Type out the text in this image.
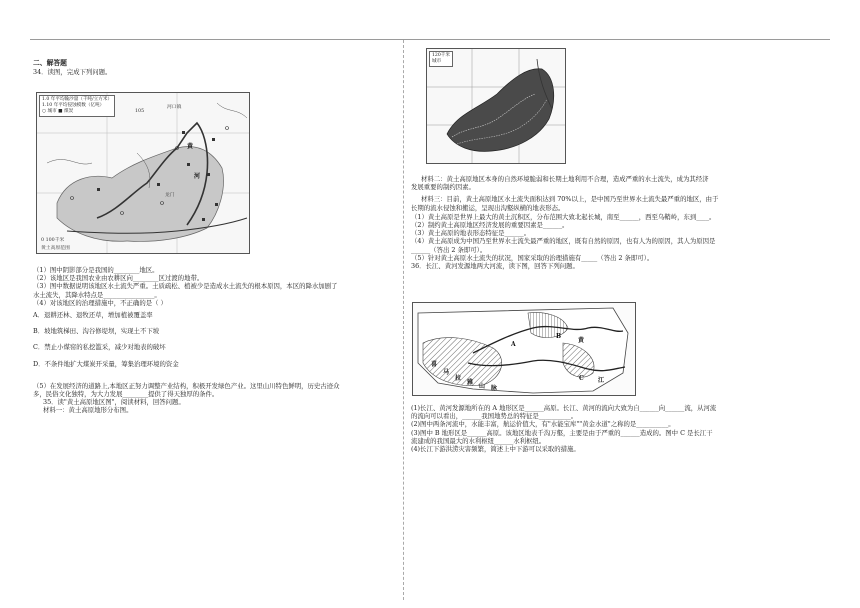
二、解答题

34．读图，完成下列问题。

1.0 年平均输沙量（千吨/立方米）
1.10 年平均侵蚀模数（亿吨）
○ 城市 ■ 煤炭	105
河口镇
龙门
黄
河
0 100千米
黄土高原范围

（1）图中阴影部分是我国的________地区。

（2）该地区是我国农业由农耕区向________区过渡的地带。

（3）图中数据说明该地区水土流失严重。土质疏松、植被少是造成水土流失的根本原因，本区的降水加剧了

水土流失，其降水特点是________________。

（4）对该地区的治理措施中，不正确的是（ ）

A．退耕还林、退牧还草，增加植被覆盖率

B．坡地筑梯田、沟谷修堤坝，实现土不下坡

C．禁止小煤窑的私挖滥采，减少对地表的破坏

D．不条件地扩大煤炭开采量，筹集治理环境的资金

（5）在发展经济的道路上,本地区正努力调整产业结构，积极开发绿色产业。这里山川特色鲜明，历史古迹众

多，民俗文化独特，为大力发展________提供了得天独厚的条件。

35．读"黄土高原地区图"，阅读材料，回答问题。

材料一：黄土高原地形分布图。

120千米
城市

材料二：黄土高原地区本身的自然环境脆弱和长期土地利用不合理，造成严重的水土流失，成为其经济

发展重要的制约因素。

材料三：目前，黄土高原地区水土流失面积达到 70%以上，是中国乃至世界水土流失最严重的地区，由于

长期的流水侵蚀和搬运，呈现出沟壑纵横的地表形态。

（1）黄土高原是世界上最大的黄土沉积区，分布范围大致北起长城，南至______，西至乌鞘岭，东到____。

（2）制约黄土高原地区经济发展的重要因素是______。

（3）黄土高原的地表形态特征是______。

（4）黄土高原成为中国乃至世界水土流失最严重的地区，既有自然的原因，也有人为的原因，其人为原因是

______（答出 2 条即可）。

（5）针对黄土高原水土流失的状况，国家采取的治理措施有_____（答出 2 条即可）。

36．长江、黄河发源地两大河流，读下图，回答下列问题。

A
B
C
黄
江
喜
马
拉
雅
山 脉

(1)长江、黄河发源地所在的 A 地形区是______高原。长江、黄河的流向大致为自______向______流，从河流

的流向可以看出，______我国地势总的特征是__________。

(2)图中两条河流中，水能丰富，航运价值大，有"水能宝库""黄金水道"之称的是__________。

(3)图中 B 地形区是______高原。该地区地表千沟万壑，主要是由于严重的______造成的。图中 C 是长江干

流建成的我国最大的水利枢纽______水利枢纽。

(4)长江下游洪涝灾害频繁，简述上中下游可以采取的措施。
